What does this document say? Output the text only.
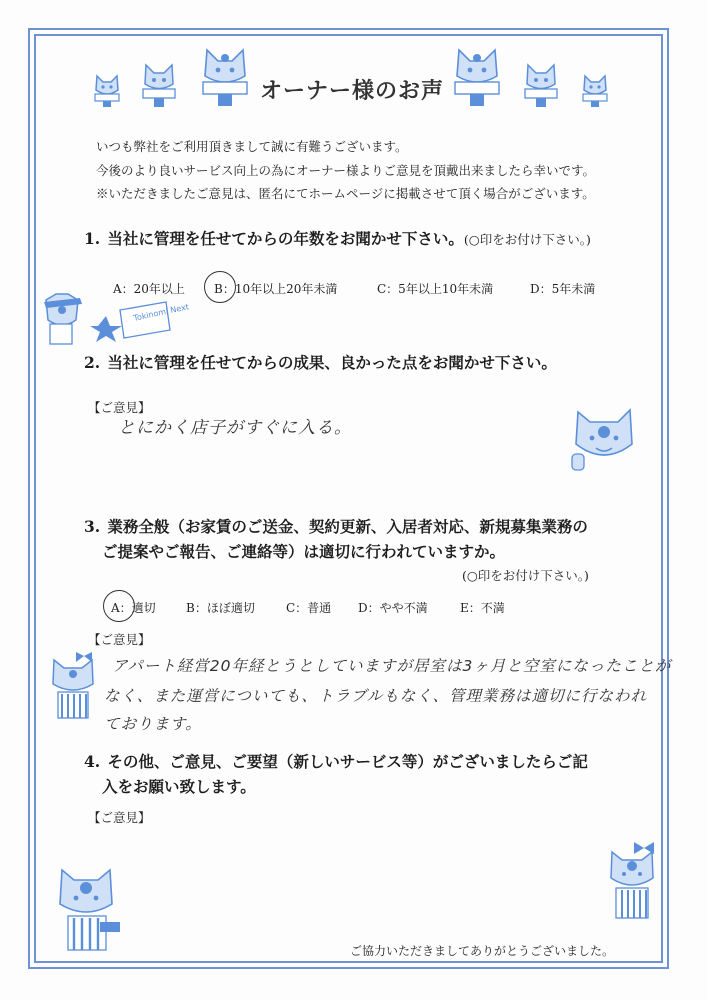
オーナー様のお声
いつも弊社をご利用頂きまして誠に有難うございます。
今後のより良いサービス向上の為にオーナー様よりご意見を頂戴出来ましたら幸いです。
※いただきましたご意見は、匿名にてホームページに掲載させて頂く場合がございます。
1. 当社に管理を任せてからの年数をお聞かせ下さい。(○印をお付け下さい。)
A：20年以上 B：10年以上20年未満	C：5年以上10年未満	D：5年未満
Tokinomi Next
2. 当社に管理を任せてからの成果、良かった点をお聞かせ下さい。
【ご意見】
とにかく店子がすぐに入る。
3. 業務全般（お家賃のご送金、契約更新、入居者対応、新規募集業務の
ご提案やご報告、ご連絡等）は適切に行われていますか。
(○印をお付け下さい。)
A：適切	B：ほぼ適切	C：普通 D：やや不満	E：不満
【ご意見】
アパート経営20年経とうとしていますが居室は3ヶ月と空室になったことが
なく、また運営についても、トラブルもなく、管理業務は適切に行なわれ
ております。
4. その他、ご意見、ご要望（新しいサービス等）がございましたらご記
入をお願い致します。
【ご意見】
ご協力いただきましてありがとうございました。
